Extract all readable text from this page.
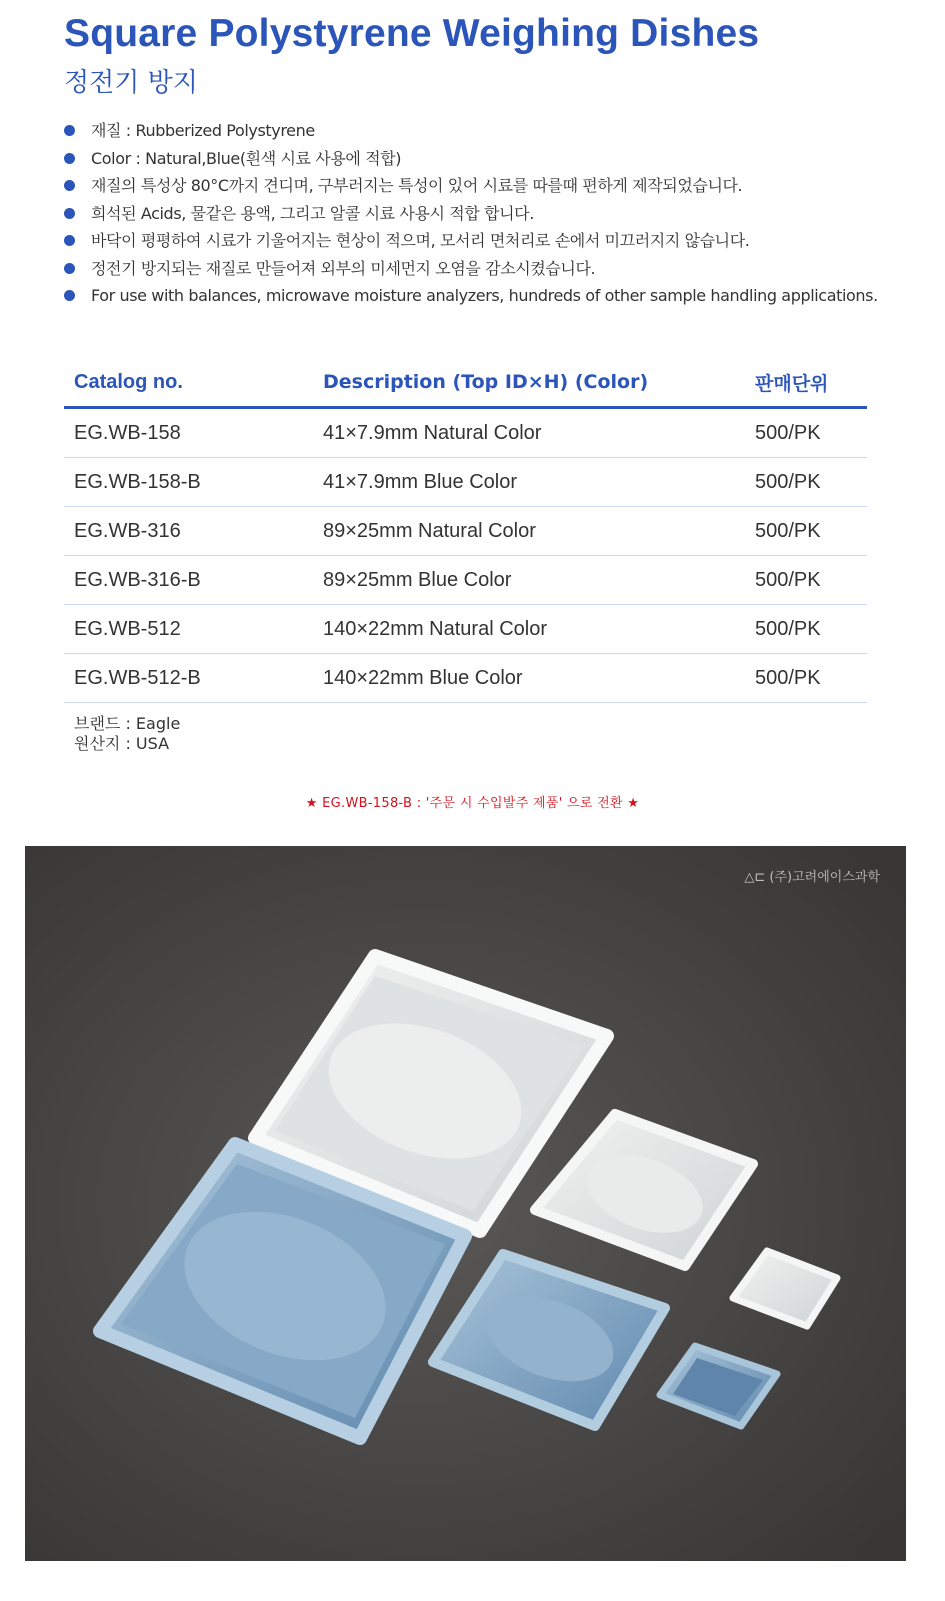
Square Polystyrene Weighing Dishes
정전기 방지
재질 : Rubberized Polystyrene
Color : Natural,Blue(흰색 시료 사용에 적합)
재질의 특성상 80°C까지 견디며, 구부러지는 특성이 있어 시료를 따를때 편하게 제작되었습니다.
희석된 Acids, 물같은 용액, 그리고 알콜 시료 사용시 적합 합니다.
바닥이 평평하여 시료가 기울어지는 현상이 적으며, 모서리 면처리로 손에서 미끄러지지 않습니다.
정전기 방지되는 재질로 만들어져 외부의 미세먼지 오염을 감소시켰습니다.
For use with balances, microwave moisture analyzers, hundreds of other sample handling applications.
Catalog no.	Description (Top ID×H) (Color)	판매단위
EG.WB-158	41×7.9mm Natural Color	500/PK
EG.WB-158-B	41×7.9mm Blue Color	500/PK
EG.WB-316	89×25mm Natural Color	500/PK
EG.WB-316-B	89×25mm Blue Color	500/PK
EG.WB-512	140×22mm Natural Color	500/PK
EG.WB-512-B	140×22mm Blue Color	500/PK
브랜드 : Eagle
원산지 : USA
★ EG.WB-158-B : '주문 시 수입발주 제품' 으로 전환 ★
△⊏ (주)고려에이스과학
